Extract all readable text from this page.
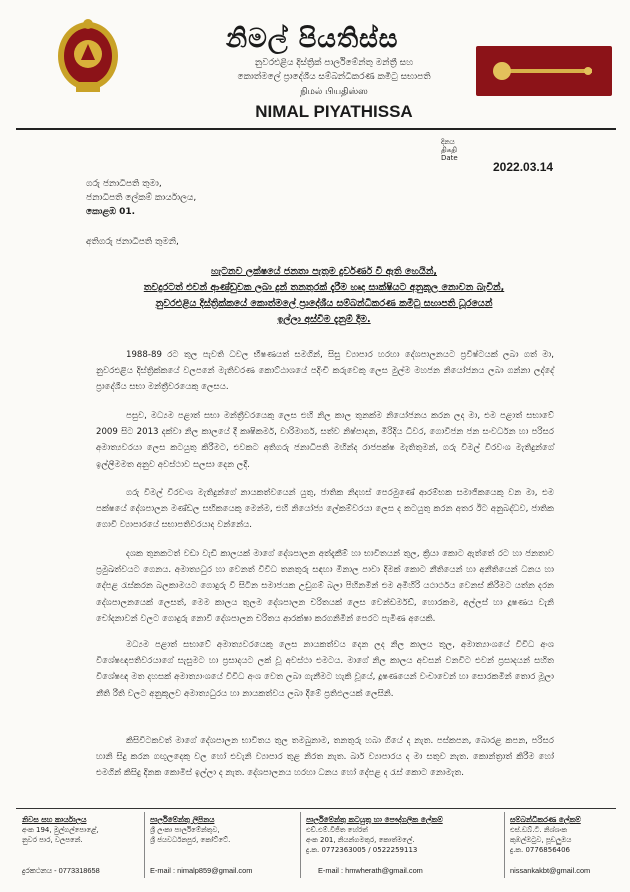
නිමල් පියතිස්ස
නුවරඑළිය දිස්ත්‍රික් පාර්ලිමේන්තු මන්ත්‍රී සහ
කොත්මලේ ප්‍රාදේශීය සම්බන්ධීකරණ කමිටු සභාපති
நிமல் பியதிஸ்ஸ
NIMAL PIYATHISSA
දිනය
திகதி
Date
2022.03.14
ගරු ජනාධිපති තුමා,
ජනාධිපති ලේකම් කාර්යාලය,
කොළඹ 01.
අතිගරු ජනාධිපති තුමනි,
හැටනව ලක්ෂයේ ජනතා පැතුම දුර්වර්ණ වී ඇති හෙයින්,
තවදුරටත් එවන් ආණ්ඩුවක ලබා දුන් තනතුරක් දැරීම හෘද සාක්ෂියට අනුකූල නොවන බැවින්,
නුවරඑළිය දිස්ත්‍රික්කයේ කොත්මලේ ප්‍රාදේශීය සම්බන්ධීකරණ කමිටු සභාපති ධූරයෙන්
ඉල්ලා අස්වීම දැනුම් දීම.

1988-89 රට තුල පැවති ධවල භීෂණයත් සමගින්, සිසු ව්‍යාපාර හරහා දේශපාලනයට ප්‍රවිෂ්ටයක් ලබා ගත් මා, නුවරඑළිය දිස්ත්‍රික්කයේ වලපනේ මැතිවරණ කොට්ඨාශයේ පදිංචි කරුවෙකු ලෙස මුල්ම මහජන නියෝජනය ලබා ගන්නා ලද්දේ ප්‍රාදේශීය සභා මන්ත්‍රීවරයෙකු ලෙසය.

පසුව, මධ්‍යම පළාත් සභා මන්ත්‍රීවරයෙකු ලෙස එහි නිල කාල තුනක්ම නියෝජනය කරන ලද මා, එම පළාත් සභාවේ 2009 සිට 2013 දක්වා නිල කාලයේ දී කෘෂිකර්ම, වාරිමාර්ග, සත්ව නිෂ්පාදන, මිරිදිය ධීවර, ගොවිජන ජන සංවර්ධන හා පරිසර අමාත්‍යවරයා ලෙස කටයුතු කිරීමට, එවකට අතිගරු ජනාධිපති මහින්ද රාජපක්ෂ මැතිතුමන්, ගරු විමල් වීරවංශ මැතිදුන්ගේ ඉල්ලීමමත අනුව අවස්ථාව සලසා දෙන ලදී.

ගරු විමල් වීරවංශ මැතිදුන්ගේ නායකත්වයෙන් යුතු, ජාතික නිදහස් පෙරමුණේ ආරම්භක සමාජිකයෙකු වන මා, එම පක්ෂයේ දේශපාලන මණ්ඩල සභිකයෙකු මෙන්ම, එහි නියෝජ්‍ය ලේකම්වරයා ලෙස ද කටයුතු කරන අතර ඊට අනුබද්ධව, ජාතික ගොවි ව්‍යාපාරයේ සභාපතිවරයාද වන්නේය.

දශක තුනකටත් වඩා වැඩි කාලයක් මාගේ දේශපාලන අත්දැකීම් හා භාවිතයන් තුල, ක්‍රියා කොට ඇත්තේ රට හා ජනතාව ප්‍රමුඛත්වයට ගෙනය. අමාත්‍යධුර හා වෙනත් විවිධ තනතුරු සඳහා මිනාල පාවා දිමක් කොට නීතියෙන් හා අනීතියෙන් ධනය හා දේපළ රැස්කරන බලකාමයට ගොදුරු වී සිටින සමාජයක උඩුගම් බලා පිහිනමින් එම අමිහිරි යථාර්ථය වෙනස් කිරීමට යත්න දරන දේශපාලනයෙක් ලෙසත්, මෙම කාලය තුලම දේශපාලන චරිතයක් ලෙස වෙන්ඩර්මඩ්, හොරකම, අල්ලස් හා දූෂණය වැනි චෝදනාවන් වලට ගොදුරු නොවී දේශපාලන චරිතය ආරක්ෂා කරගනිමින් පෙරට පැමිණ අයෙකි.

මධ්‍යම පළාත් සභාවේ අමාත්‍යවරයෙකු ලෙස නායකත්වය දෙන ලද නිල කාලය තුල, අමාත්‍යාංශයේ විවිධ අංශ විශේෂඥපතිවරයාගේ සැසුමට හා ප්‍රසාදයට ලක් වූ අවස්ථා එමටය. මාගේ නිල කාලය අවසන් වනවිට එවන් ප්‍රසාදයන් සහිත විශේෂඥ මත දහසක් අමාත්‍යාංශයේ විවිධ අංශ වෙත ලබා ගැනීමට හැකි වූයේ, දූෂණයෙන් වංචාවෙන් හා සොරකමින් තොර මූලා නීති රීති වලට අනුකූලව අමාත්‍යධුරය හා නායකත්වය ලබා දීමේ ප්‍රතිඵලයක් ලෙසිනි.

කිසිවිටකවත් මාගේ දේශපාලන භාවිතය තුල තමබුනාම, තනතුරු හබා ගියේ ද නැත. පස්කපන, බොරළ කපන, පරිසර හානි සිදු කරන ගඟුලදෙකු වල හෝ එවැනි ව්‍යාපාර තුළ නිරත නැත. බාර් ව්‍යාපාරය ද මා සතුව නැත. කොන්ත්‍රාත් කිරීම හෝ එමගින් කිසිදු දිනක කොමිස් ඉල්ලා ද නැත. දේශපාලනය හරහා ධනය හෝ දේපළ ද රැස් කොට නොමැත.

නිවස සහ කාර්යාලය
අංක 194, මුල්ගල්පොළේ,
නුවර පාර, වලපනේ.
දුරකථනය - 0773318658
පාර්ලිමේන්තු ලිපිනය
ශ්‍රී ලංකා පාර්ලිමේන්තුව,
ශ්‍රී ජයවර්ධනපුර, කෝට්ටේ.
E-mail : nimalp859@gmail.com
පාර්ලිමේන්තු කටයුතු හා පෞද්ගලික ලේකම්
එච්.එම්.විජිත හේරත්
අංක 201, නියන්ගමතුර, කොත්මලේ.
දු.ක. 0772363005 / 0522259113
E-mail : hmwherath@gmail.com
සම්බන්ධීකරණ ලේකම්
එස්.ඩබ්.ටී. නිශ්ශංක
කුඹල්ඔටුව, පූඩලුඔය
දු.ක. 0776856406
nissankakbt@gmail.com
